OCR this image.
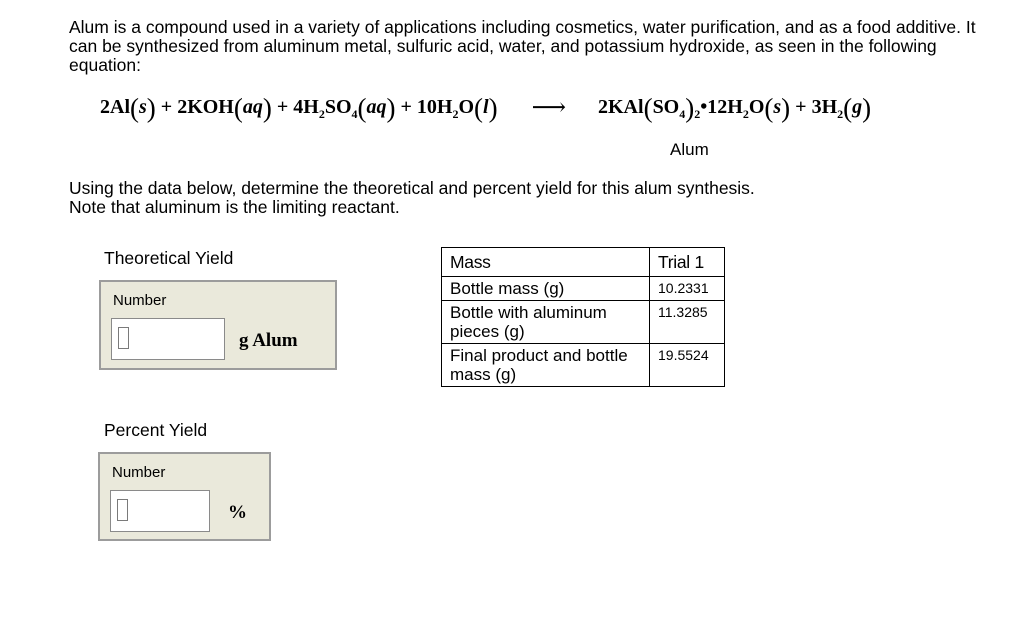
Alum is a compound used in a variety of applications including cosmetics, water purification, and as a food additive. It can be synthesized from aluminum metal, sulfuric acid, water, and potassium hydroxide, as seen in the following equation:

$2Al(s) + 2KOH(aq) + 4H_2SO_4(aq) + 10H_2O(l)$ ⟶ $2KAl(SO_4)_2•12H_2O(s) + 3H_2(g)$
Alum

Using the data below, determine the theoretical and percent yield for this alum synthesis.
Note that aluminum is the limiting reactant.

Theoretical Yield
Number
g Alum
Percent Yield
Number
%
Mass	Trial 1
Bottle mass (g)	10.2331
Bottle with aluminum pieces (g)	11.3285
Final product and bottle mass (g)	19.5524
